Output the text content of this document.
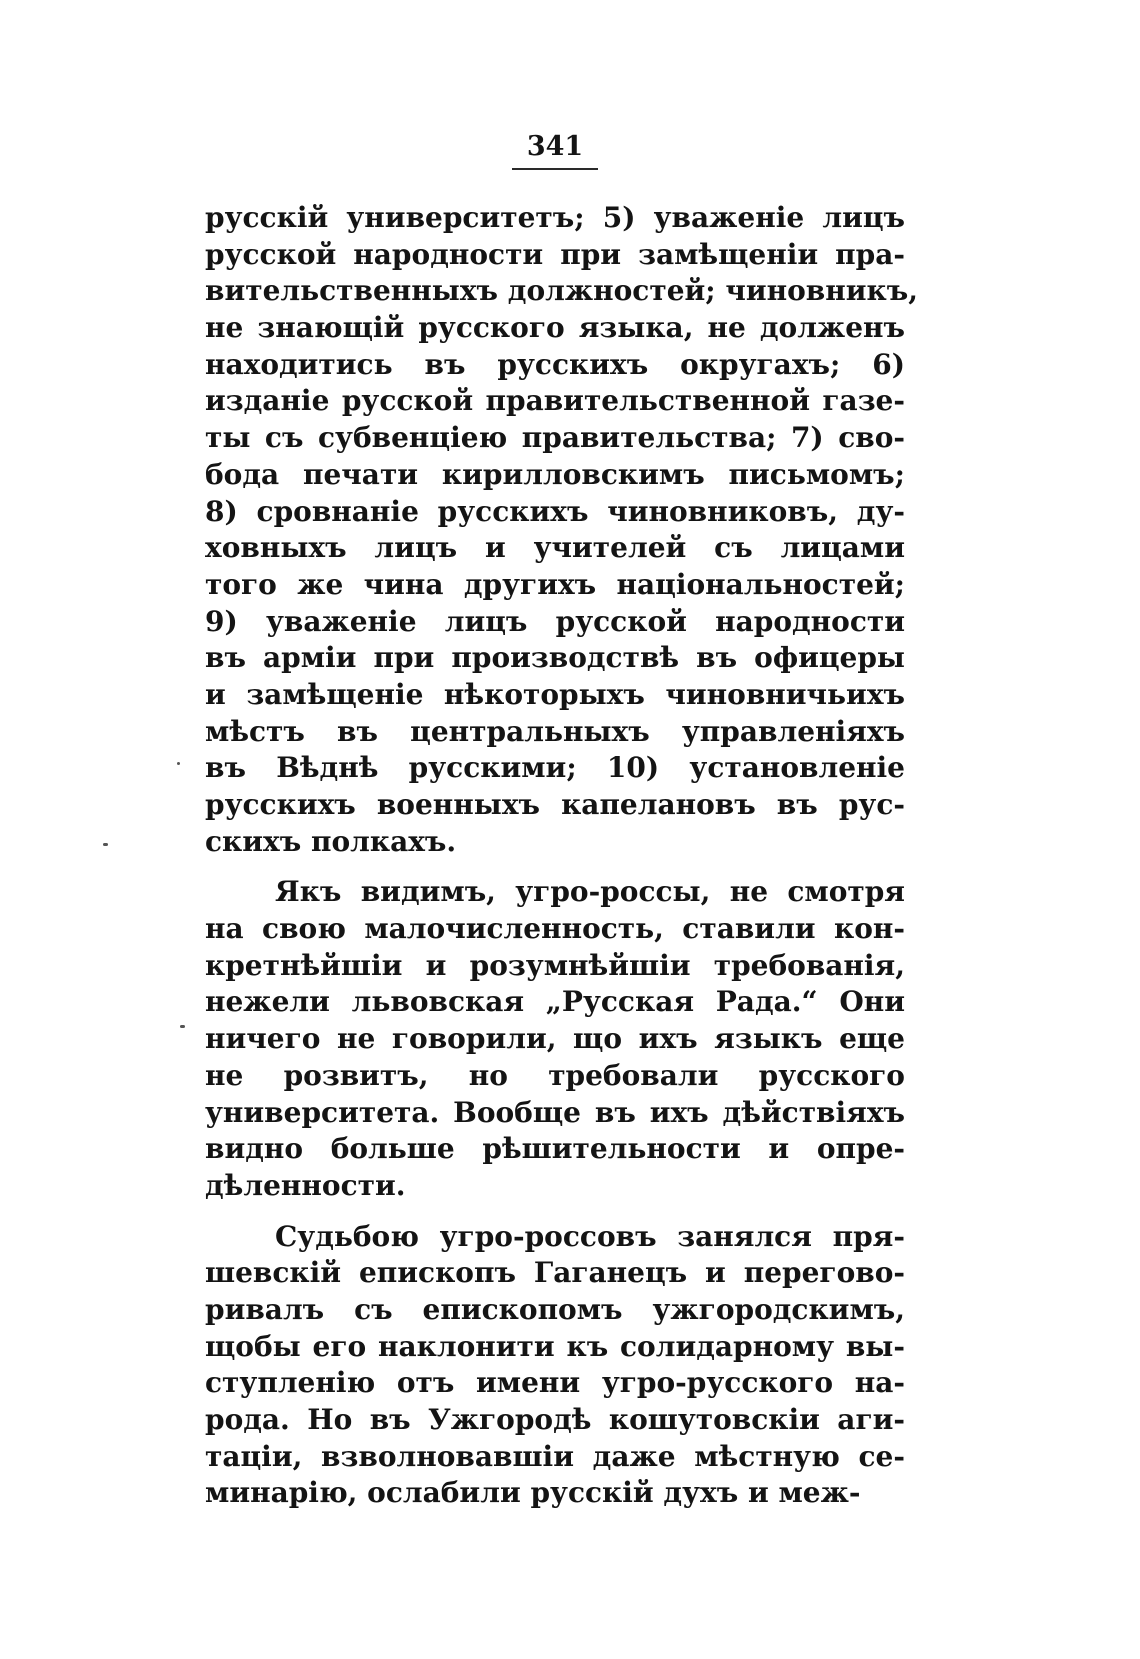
341
русскій университетъ; 5) уваженіе лицъ
русской народности при замѣщеніи пра-
вительственныхъ должностей; чиновникъ,
не знающій русского языка, не долженъ
находитись въ русскихъ округахъ; 6)
изданіе русской правительственной газе-
ты съ субвенціею правительства; 7) сво-
бода печати кирилловскимъ письмомъ;
8) сровнаніе русскихъ чиновниковъ, ду-
ховныхъ лицъ и учителей съ лицами
того же чина другихъ національностей;
9) уваженіе лицъ русской народности
въ арміи при производствѣ въ офицеры
и замѣщеніе нѣкоторыхъ чиновничьихъ
мѣстъ въ центральныхъ управленіяхъ
въ Вѣднѣ русскими; 10) установленіе
русскихъ военныхъ капелановъ въ рус-
скихъ полкахъ.
Якъ видимъ, угро-россы, не смотря
на свою малочисленность, ставили кон-
кретнѣйшіи и розумнѣйшіи требованія,
нежели львовская „Русская Рада.“ Они
ничего не говорили, що ихъ языкъ еще
не розвитъ, но требовали русского
университета. Вообще въ ихъ дѣйствіяхъ
видно больше рѣшительности и опре-
дѣленности.
Судьбою угро-россовъ занялся пря-
шевскій епископъ Гаганецъ и перегово-
ривалъ съ епископомъ ужгородскимъ,
щобы его наклонити къ солидарному вы-
ступленію отъ имени угро-русского на-
рода. Но въ Ужгородѣ кошутовскіи аги-
таціи, взволновавшіи даже мѣстную се-
минарію, ослабили русскій духъ и меж-
